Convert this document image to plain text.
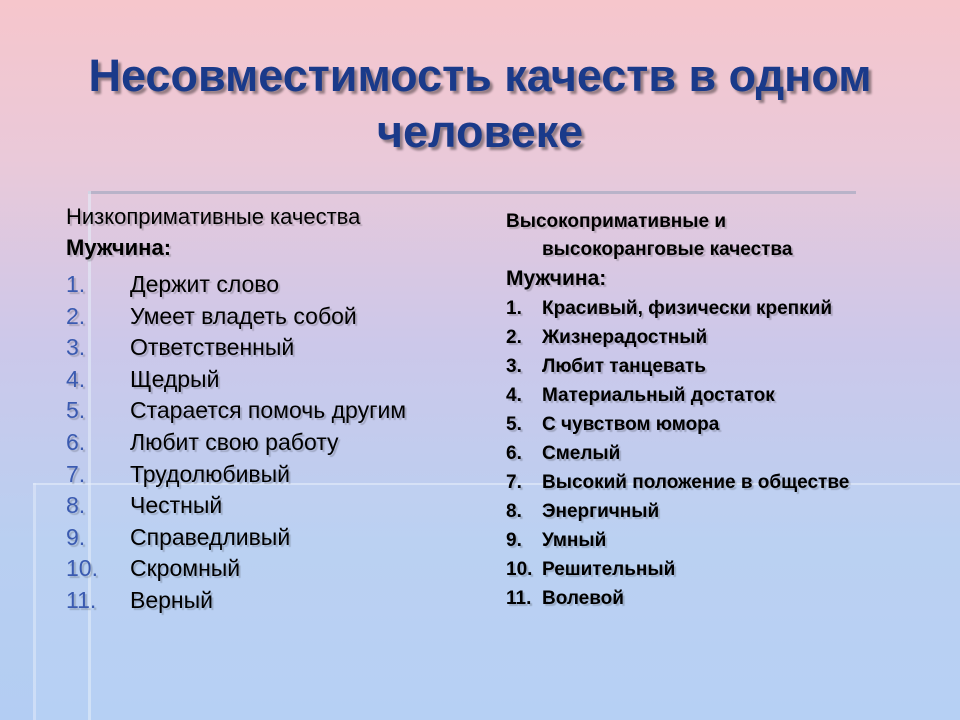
Несовместимость качеств в одном человеке
Низкопримативные качества
Мужчина:
1. Держит слово
2. Умеет владеть собой
3. Ответственный
4. Щедрый
5. Старается помочь другим
6. Любит свою работу
7. Трудолюбивый
8. Честный
9. Справедливый
10. Скромный
11. Верный
Высокопримативные и
высокоранговые качества
Мужчина:
1.	Красивый, физически крепкий
2.	Жизнерадостный
3.	Любит танцевать
4.	Материальный достаток
5.	С чувством юмора
6.	Смелый
7.	Высокий положение в обществе
8.	Энергичный
9.	Умный
10. Решительный
11. Волевой
